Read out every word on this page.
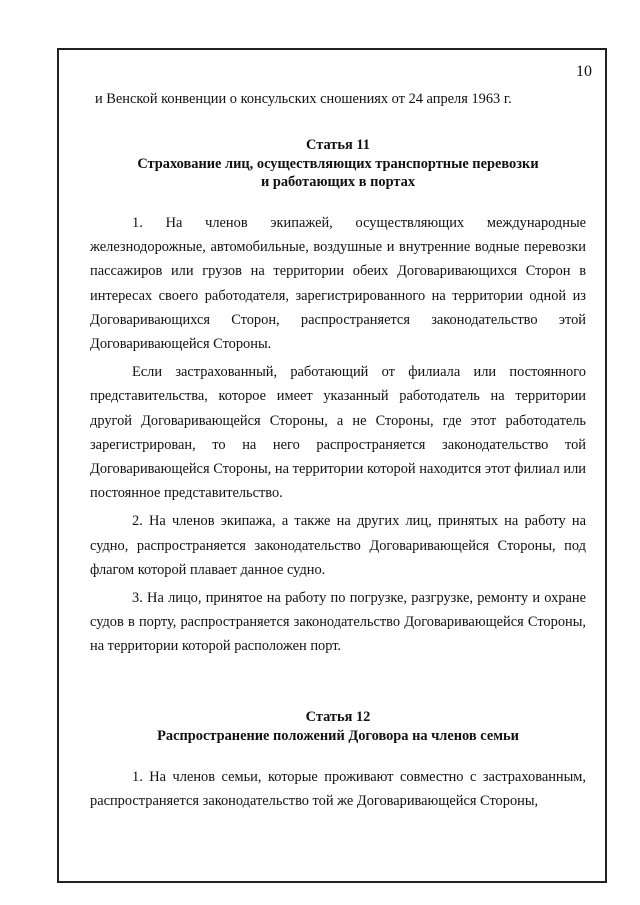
10

и Венской конвенции о консульских сношениях от 24 апреля 1963 г.

Статья 11
Страхование лиц, осуществляющих транспортные перевозки
и работающих в портах

1. На членов экипажей, осуществляющих международные железнодорожные, автомобильные, воздушные и внутренние водные перевозки пассажиров или грузов на территории обеих Договаривающихся Сторон в интересах своего работодателя, зарегистрированного на территории одной из Договаривающихся Сторон, распространяется законодательство этой Договаривающейся Стороны.

Если застрахованный, работающий от филиала или постоянного представительства, которое имеет указанный работодатель на территории другой Договаривающейся Стороны, а не Стороны, где этот работодатель зарегистрирован, то на него распространяется законодательство той Договаривающейся Стороны, на территории которой находится этот филиал или постоянное представительство.

2. На членов экипажа, а также на других лиц, принятых на работу на судно, распространяется законодательство Договаривающейся Стороны, под флагом которой плавает данное судно.

3. На лицо, принятое на работу по погрузке, разгрузке, ремонту и охране судов в порту, распространяется законодательство Договаривающейся Стороны, на территории которой расположен порт.

Статья 12
Распространение положений Договора на членов семьи

1. На членов семьи, которые проживают совместно с застрахованным, распространяется законодательство той же Договаривающейся Стороны,
